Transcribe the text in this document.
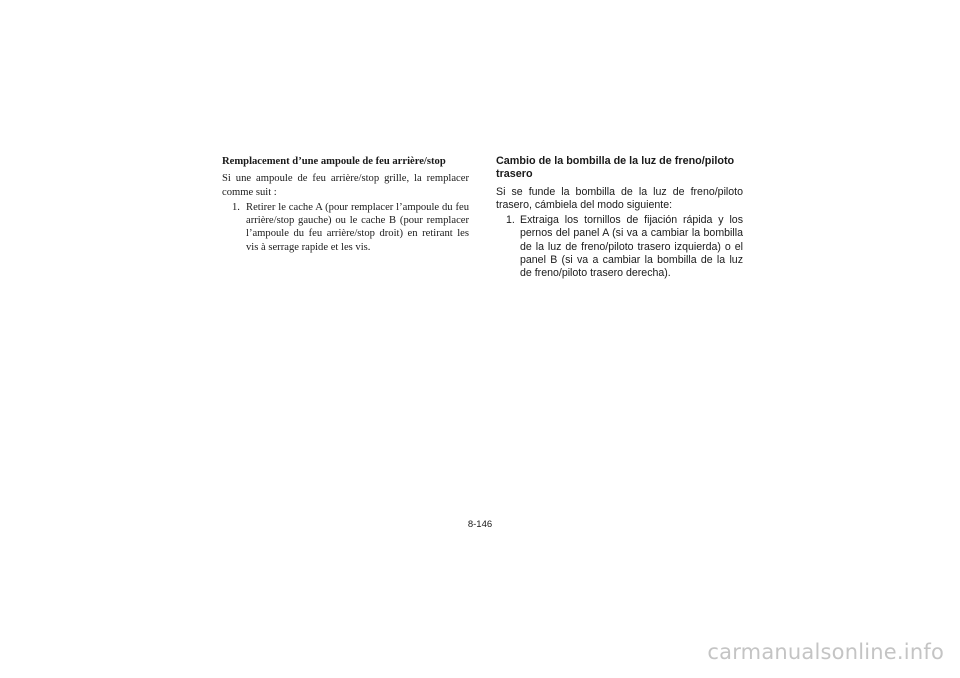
Remplacement d’une ampoule de feu arrière/stop

Si une ampoule de feu arrière/stop grille, la remplacer comme suit :

1. Retirer le cache A (pour remplacer l’ampoule du feu arrière/stop gauche) ou le cache B (pour remplacer l’ampoule du feu arrière/stop droit) en retirant les vis à serrage rapide et les vis.
Cambio de la bombilla de la luz de freno/piloto trasero

Si se funde la bombilla de la luz de freno/piloto trasero, cámbiela del modo siguiente:

1. Extraiga los tornillos de fijación rápida y los pernos del panel A (si va a cambiar la bombilla de la luz de freno/piloto trasero izquierda) o el panel B (si va a cambiar la bombilla de la luz de freno/piloto trasero derecha).
8-146
carmanualsonline.info
